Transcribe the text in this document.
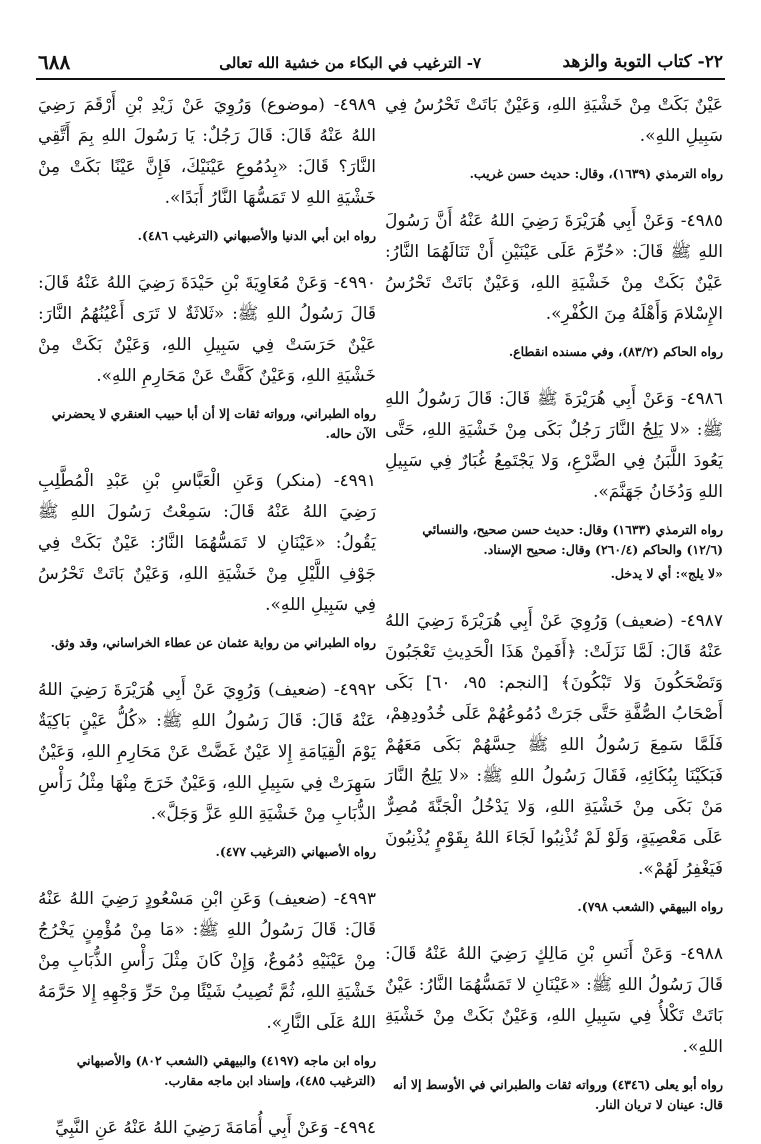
٢٢- كتاب التوبة والزهد
٧- الترغيب في البكاء من خشية الله تعالى
٦٨٨

عَيْنٌ بَكَتْ مِنْ خَشْيَةِ اللهِ، وَعَيْنٌ بَاتَتْ تَحْرُسُ فِي سَبِيلِ اللهِ».

رواه الترمذي (١٦٣٩)، وقال: حديث حسن غريب.

٤٩٨٥- وَعَنْ أَبِي هُرَيْرَةَ رَضِيَ اللهُ عَنْهُ أَنَّ رَسُولَ اللهِ ﷺ قَالَ: «حُرِّمَ عَلَى عَيْنَيْنِ أَنْ تَنَالَهُمَا النَّارُ: عَيْنٌ بَكَتْ مِنْ خَشْيَةِ اللهِ، وَعَيْنٌ بَاتَتْ تَحْرُسُ الإِسْلامَ وَأَهْلَهُ مِنَ الكُفْرِ».

رواه الحاكم (٨٣/٢)، وفي مسنده انقطاع.

٤٩٨٦- وَعَنْ أَبِي هُرَيْرَةَ ﷺ قَالَ: قَالَ رَسُولُ اللهِ ﷺ: «لا يَلِجُ النَّارَ رَجُلٌ بَكَى مِنْ خَشْيَةِ اللهِ، حَتَّى يَعُودَ اللَّبَنُ فِي الضَّرْعِ، وَلا يَجْتَمِعُ غُبَارٌ فِي سَبِيلِ اللهِ وَدُخَانُ جَهَنَّمَ».

رواه الترمذي (١٦٣٣) وقال: حديث حسن صحيح، والنسائي (١٢/٦) والحاكم (٢٦٠/٤) وقال: صحيح الإسناد.

«لا يلج»: أي لا يدخل.

٤٩٨٧- (ضعيف) وَرُوِيَ عَنْ أَبِي هُرَيْرَةَ رَضِيَ اللهُ عَنْهُ قَالَ: لَمَّا نَزَلَتْ: ﴿أَفَمِنْ هَذَا الْحَدِيثِ تَعْجَبُونَ وَتَضْحَكُونَ وَلا تَبْكُونَ﴾ [النجم: ٩٥، ٦٠] بَكَى أَصْحَابُ الصُّفَّةِ حَتَّى جَرَتْ دُمُوعُهُمْ عَلَى خُدُودِهِمْ، فَلَمَّا سَمِعَ رَسُولُ اللهِ ﷺ حِسَّهُمْ بَكَى مَعَهُمْ فَبَكَيْنَا بِبُكَائِهِ، فَقَالَ رَسُولُ اللهِ ﷺ: «لا يَلِجُ النَّارَ مَنْ بَكَى مِنْ خَشْيَةِ اللهِ، وَلا يَدْخُلُ الْجَنَّةَ مُصِرٌّ عَلَى مَعْصِيَةٍ، وَلَوْ لَمْ تُذْنِبُوا لَجَاءَ اللهُ بِقَوْمٍ يُذْنِبُونَ فَيَغْفِرُ لَهُمْ».

رواه البيهقي (الشعب ٧٩٨).

٤٩٨٨- وَعَنْ أَنَسِ بْنِ مَالِكٍ رَضِيَ اللهُ عَنْهُ قَالَ: قَالَ رَسُولُ اللهِ ﷺ: «عَيْنَانِ لا تَمَسُّهُمَا النَّارُ: عَيْنٌ بَاتَتْ تَكْلأُ فِي سَبِيلِ اللهِ، وَعَيْنٌ بَكَتْ مِنْ خَشْيَةِ اللهِ».

رواه أبو يعلى (٤٣٤٦) ورواته ثقات والطبراني في الأوسط إلا أنه قال: عينان لا تريان النار.

٤٩٨٩- (موضوع) وَرُوِيَ عَنْ زَيْدِ بْنِ أَرْقَمَ رَضِيَ اللهُ عَنْهُ قَالَ: قَالَ رَجُلٌ: يَا رَسُولَ اللهِ بِمَ أَتَّقِي النَّارَ؟ قَالَ: «بِدُمُوعِ عَيْنَيْكَ، فَإِنَّ عَيْنًا بَكَتْ مِنْ خَشْيَةِ اللهِ لا تَمَسُّهَا النَّارُ أَبَدًا».

رواه ابن أبي الدنيا والأصبهاني (الترغيب ٤٨٦).

٤٩٩٠- وَعَنْ مُعَاوِيَةَ بْنِ حَيْدَةَ رَضِيَ اللهُ عَنْهُ قَالَ: قَالَ رَسُولُ اللهِ ﷺ: «ثَلاثَةٌ لا تَرَى أَعْيُنُهُمُ النَّارَ: عَيْنٌ حَرَسَتْ فِي سَبِيلِ اللهِ، وَعَيْنٌ بَكَتْ مِنْ خَشْيَةِ اللهِ، وَعَيْنٌ كَفَّتْ عَنْ مَحَارِمِ اللهِ».

رواه الطبراني، ورواته ثقات إلا أن أبا حبيب العنقري لا يحضرني الآن حاله.

٤٩٩١- (منكر) وَعَنِ الْعَبَّاسِ بْنِ عَبْدِ الْمُطَّلِبِ رَضِيَ اللهُ عَنْهُ قَالَ: سَمِعْتُ رَسُولَ اللهِ ﷺ يَقُولُ: «عَيْنَانِ لا تَمَسُّهُمَا النَّارُ: عَيْنٌ بَكَتْ فِي جَوْفِ اللَّيْلِ مِنْ خَشْيَةِ اللهِ، وَعَيْنٌ بَاتَتْ تَحْرُسُ فِي سَبِيلِ اللهِ».

رواه الطبراني من رواية عثمان عن عطاء الخراساني، وقد وثق.

٤٩٩٢- (ضعيف) وَرُوِيَ عَنْ أَبِي هُرَيْرَةَ رَضِيَ اللهُ عَنْهُ قَالَ: قَالَ رَسُولُ اللهِ ﷺ: «كُلُّ عَيْنٍ بَاكِيَةٌ يَوْمَ الْقِيَامَةِ إِلا عَيْنٌ غَضَّتْ عَنْ مَحَارِمِ اللهِ، وَعَيْنٌ سَهِرَتْ فِي سَبِيلِ اللهِ، وَعَيْنٌ خَرَجَ مِنْهَا مِثْلُ رَأْسِ الذُّبَابِ مِنْ خَشْيَةِ اللهِ عَزَّ وَجَلَّ».

رواه الأصبهاني (الترغيب ٤٧٧).

٤٩٩٣- (ضعيف) وَعَنِ ابْنِ مَسْعُودٍ رَضِيَ اللهُ عَنْهُ قَالَ: قَالَ رَسُولُ اللهِ ﷺ: «مَا مِنْ مُؤْمِنٍ يَخْرُجُ مِنْ عَيْنَيْهِ دُمُوعٌ، وَإِنْ كَانَ مِثْلَ رَأْسِ الذُّبَابِ مِنْ خَشْيَةِ اللهِ، ثُمَّ تُصِيبُ شَيْئًا مِنْ حَرِّ وَجْهِهِ إِلا حَرَّمَهُ اللهُ عَلَى النَّارِ».

رواه ابن ماجه (٤١٩٧) والبيهقي (الشعب ٨٠٢) والأصبهاني (الترغيب ٤٨٥)، وإسناد ابن ماجه مقارب.

٤٩٩٤- وَعَنْ أَبِي أُمَامَةَ رَضِيَ اللهُ عَنْهُ عَنِ النَّبِيِّ
